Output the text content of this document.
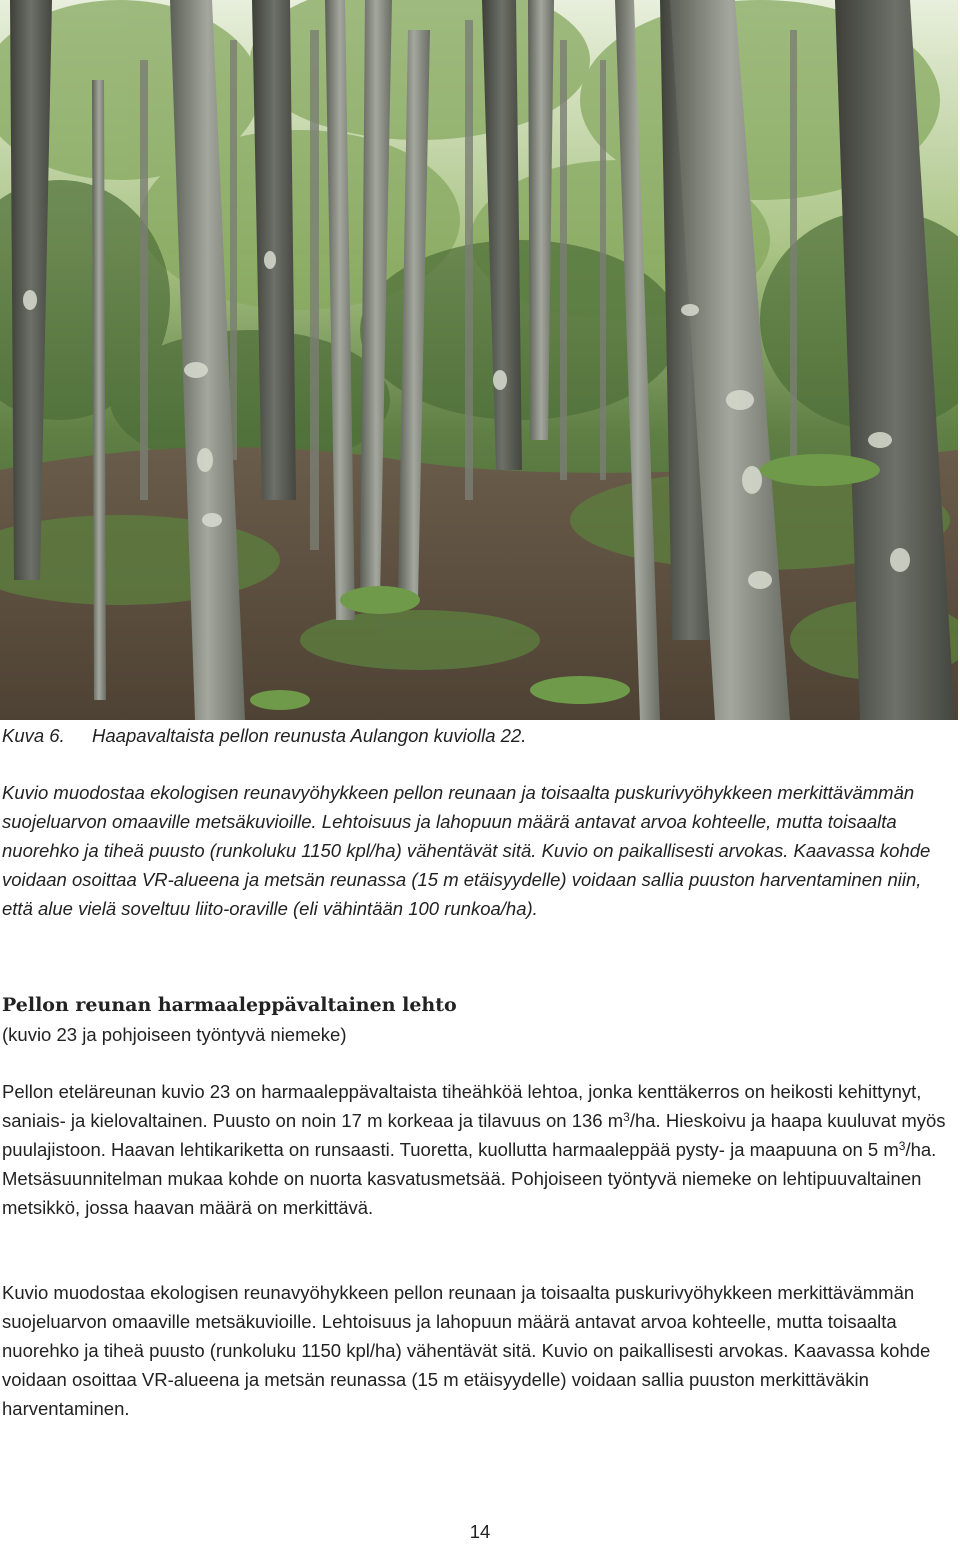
Kuva 6. Haapavaltaista pellon reunusta Aulangon kuviolla 22.

Kuvio muodostaa ekologisen reunavyöhykkeen pellon reunaan ja toisaalta puskurivyöhykkeen merkittävämmän suojeluarvon omaaville metsäkuvioille. Lehtoisuus ja lahopuun määrä antavat arvoa kohteelle, mutta toisaalta nuorehko ja tiheä puusto (runkoluku 1150 kpl/ha) vähentävät sitä. Kuvio on paikallisesti arvokas. Kaavassa kohde voidaan osoittaa VR-alueena ja metsän reunassa (15 m etäisyydelle) voidaan sallia puuston harventaminen niin, että alue vielä soveltuu liito-oraville (eli vähintään 100 runkoa/ha).

Pellon reunan harmaaleppävaltainen lehto

(kuvio 23 ja pohjoiseen työntyvä niemeke)

Pellon eteläreunan kuvio 23 on harmaaleppävaltaista tiheähköä lehtoa, jonka kenttäkerros on heikosti kehittynyt, saniais- ja kielovaltainen. Puusto on noin 17 m korkeaa ja tilavuus on 136 $m^3/ha$. Hieskoivu ja haapa kuuluvat myös puulajistoon. Haavan lehtikariketta on runsaasti. Tuoretta, kuollutta harmaaleppää pysty- ja maapuuna on 5 $m^3/ha$. Metsäsuunnitelman mukaa kohde on nuorta kasvatusmetsää. Pohjoiseen työntyvä niemeke on lehtipuuvaltainen metsikkö, jossa haavan määrä on merkittävä.

Kuvio muodostaa ekologisen reunavyöhykkeen pellon reunaan ja toisaalta puskurivyöhykkeen merkittävämmän suojeluarvon omaaville metsäkuvioille. Lehtoisuus ja lahopuun määrä antavat arvoa kohteelle, mutta toisaalta nuorehko ja tiheä puusto (runkoluku 1150 kpl/ha) vähentävät sitä. Kuvio on paikallisesti arvokas. Kaavassa kohde voidaan osoittaa VR-alueena ja metsän reunassa (15 m etäisyydelle) voidaan sallia puuston merkittäväkin harventaminen.

14
